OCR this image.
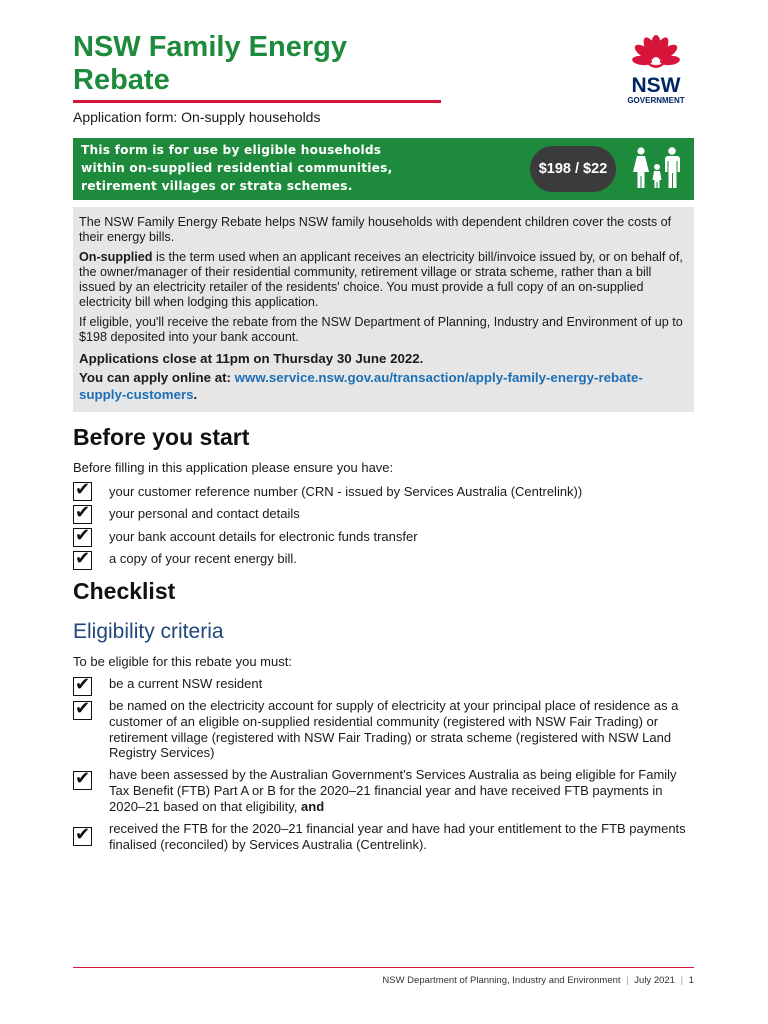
NSW Family Energy
Rebate	NSW
GOVERNMENT

Application form: On-supply households

This form is for use by eligible households
within on-supplied residential communities,
retirement villages or strata schemes.
$198 / $22

The NSW Family Energy Rebate helps NSW family households with dependent children cover the costs of their energy bills.

On-supplied is the term used when an applicant receives an electricity bill/invoice issued by, or on behalf of, the owner/manager of their residential community, retirement village or strata scheme, rather than a bill issued by an electricity retailer of the residents' choice. You must provide a full copy of an on-supplied electricity bill when lodging this application.

If eligible, you'll receive the rebate from the NSW Department of Planning, Industry and Environment of up to $198 deposited into your bank account.

Applications close at 11pm on Thursday 30 June 2022.

You can apply online at: www.service.nsw.gov.au/transaction/apply-family-energy-rebate-supply-customers.

Before you start

Before filling in this application please ensure you have:

✔ your customer reference number (CRN - issued by Services Australia (Centrelink))

✔ your personal and contact details

✔ your bank account details for electronic funds transfer

✔ a copy of your recent energy bill.

Checklist
Eligibility criteria

To be eligible for this rebate you must:

✔ be a current NSW resident

✔ be named on the electricity account for supply of electricity at your principal place of residence as a customer of an eligible on-supplied residential community (registered with NSW Fair Trading) or retirement village (registered with NSW Fair Trading) or strata scheme (registered with NSW Land Registry Services)

✔ have been assessed by the Australian Government's Services Australia as being eligible for Family Tax Benefit (FTB) Part A or B for the 2020–21 financial year and have received FTB payments in 2020–21 based on that eligibility, and

✔ received the FTB for the 2020–21 financial year and have had your entitlement to the FTB payments finalised (reconciled) by Services Australia (Centrelink).

NSW Department of Planning, Industry and Environment | July 2021 | 1
